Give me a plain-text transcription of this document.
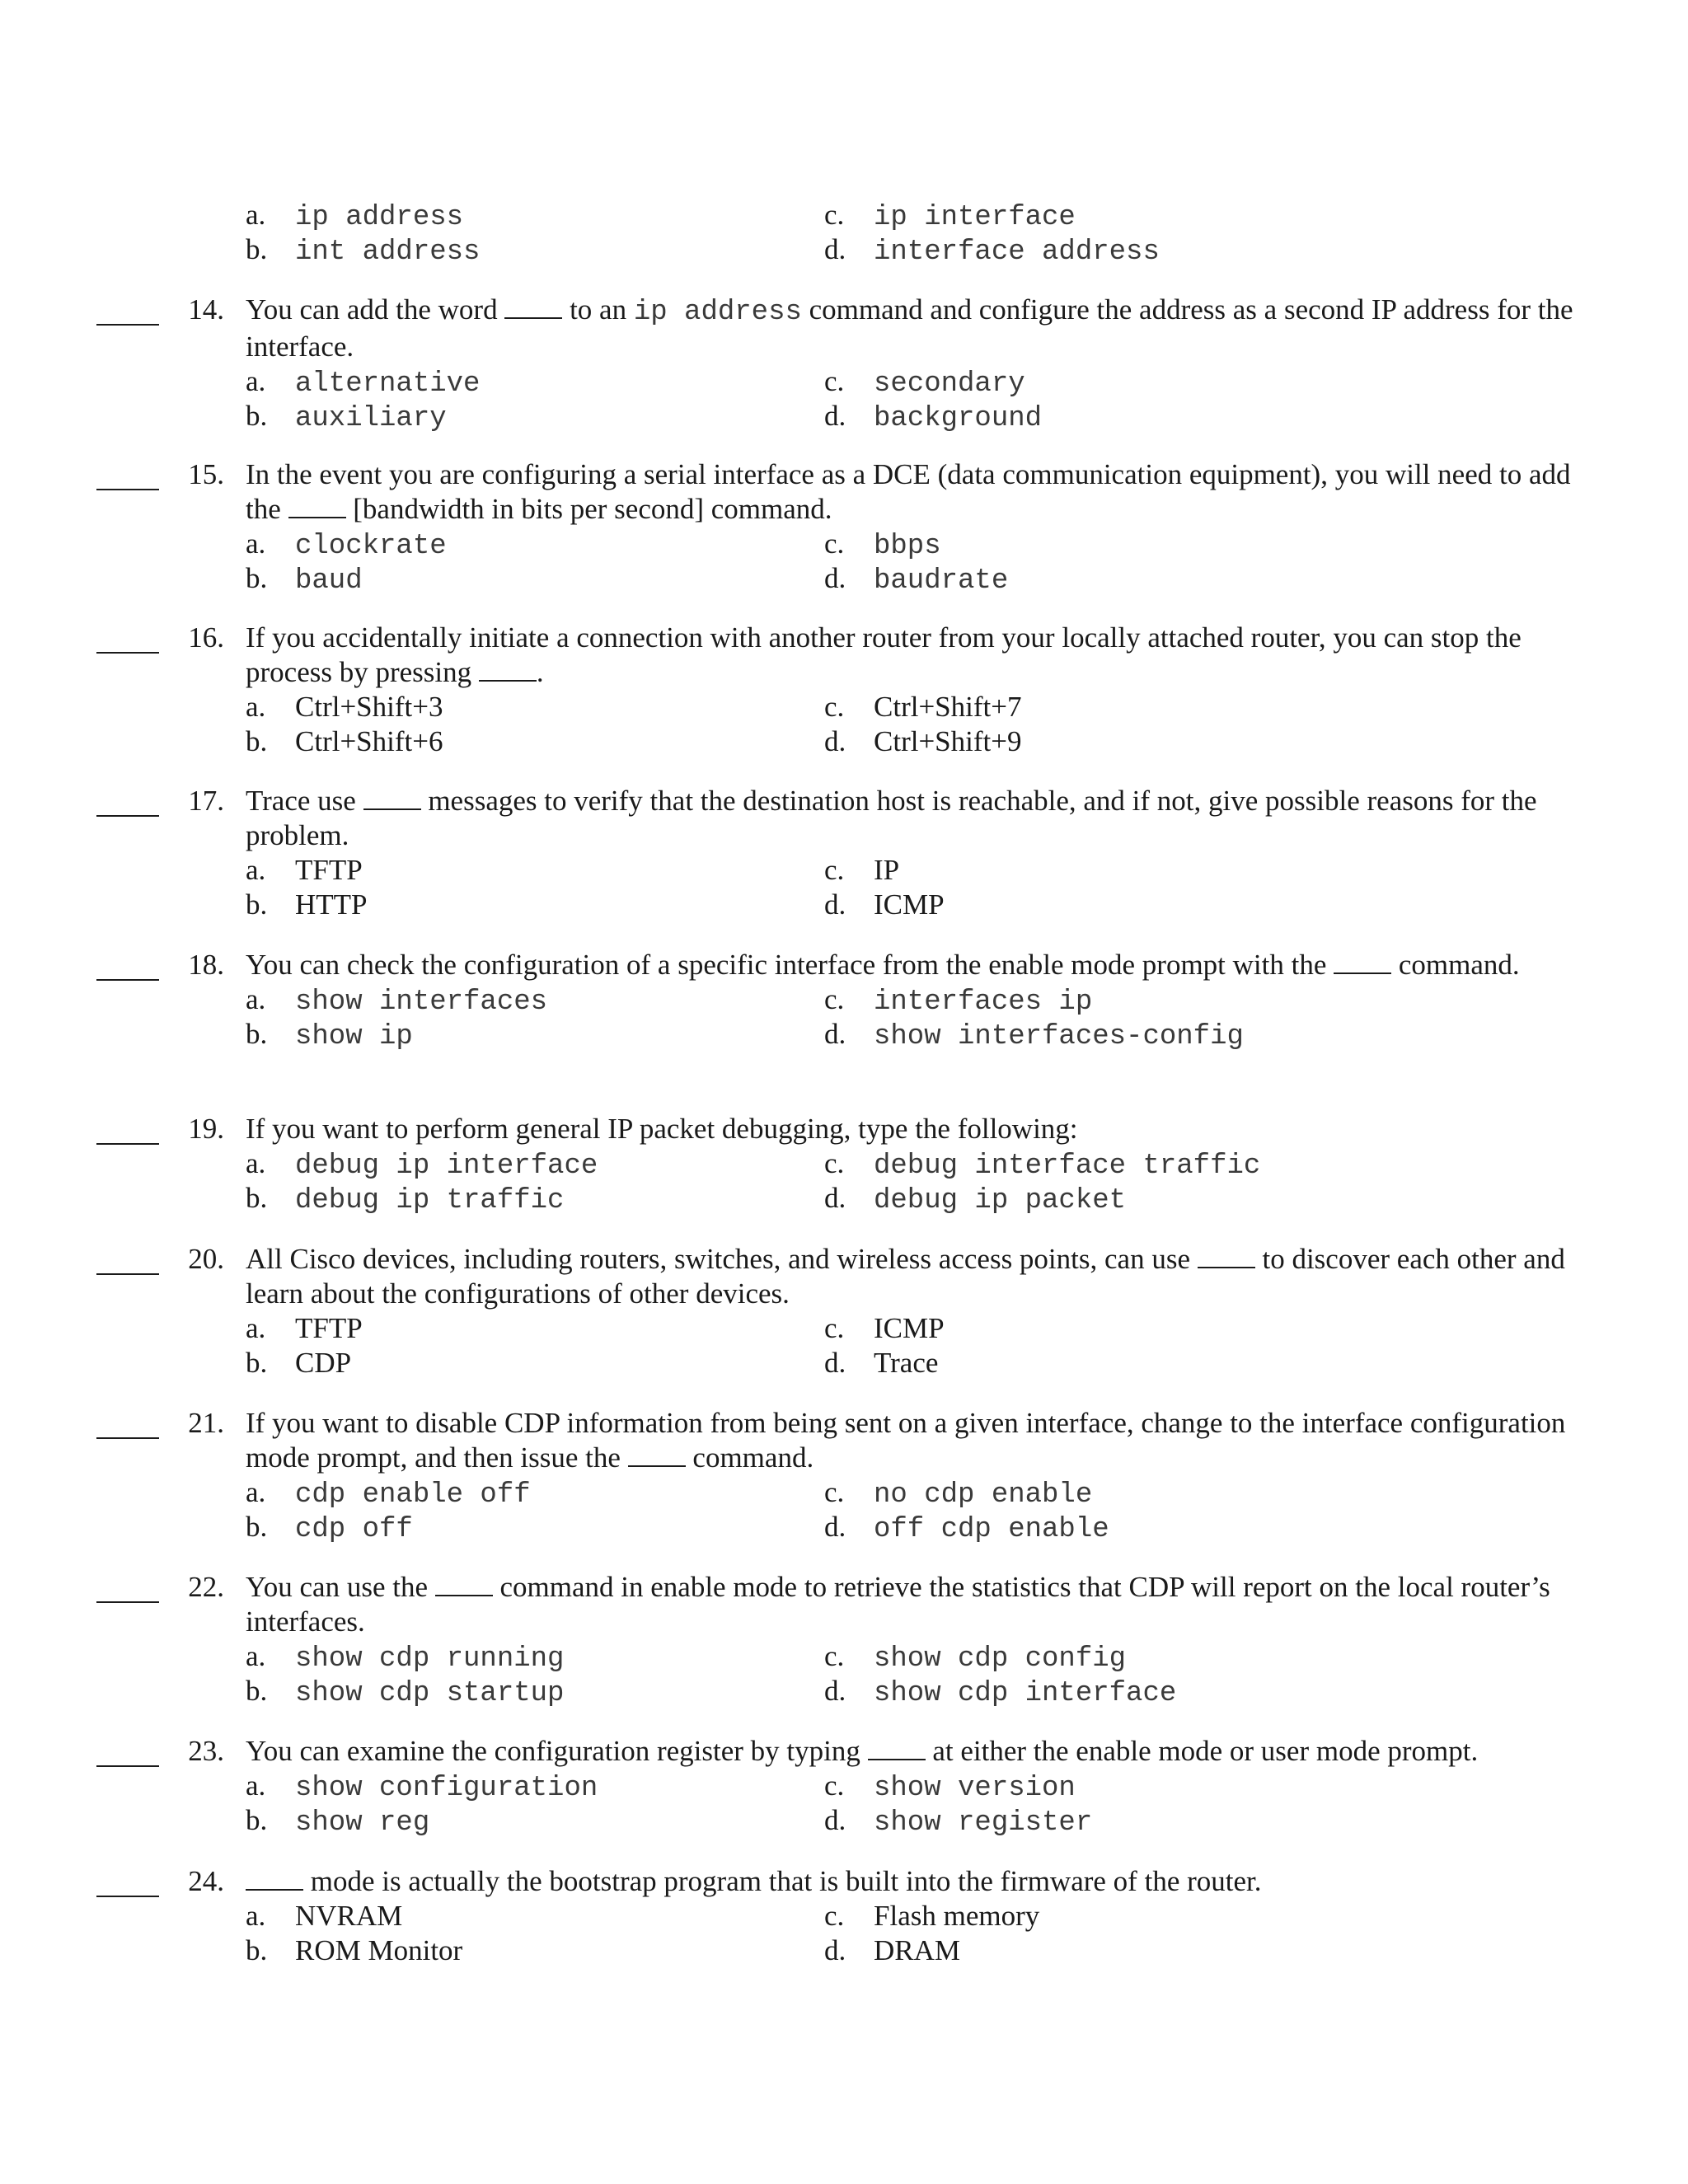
a.	ip address	c.	ip interface
b. int address	d. interface address
14. You can add the word  to an ip address command and configure the address as a second IP address for the interface.
a.	alternative	c.	secondary
b. auxiliary	d. background
15. In the event you are configuring a serial interface as a DCE (data communication equipment), you will need to add the  [bandwidth in bits per second] command.
a.	clockrate	c.	bbps
b. baud	d. baudrate
16. If you accidentally initiate a connection with another router from your locally attached router, you can stop the process by pressing .
a.	Ctrl+Shift+3	c.	Ctrl+Shift+7
b. Ctrl+Shift+6	d. Ctrl+Shift+9
17. Trace use  messages to verify that the destination host is reachable, and if not, give possible reasons for the problem.
a.	TFTP	c.	IP
b. HTTP	d. ICMP
18. You can check the configuration of a specific interface from the enable mode prompt with the  command.
a.	show interfaces	c.	interfaces ip
b. show ip	d. show interfaces-config
19. If you want to perform general IP packet debugging, type the following:
a.	debug ip interface	c.	debug interface traffic
b. debug ip traffic	d. debug ip packet
20. All Cisco devices, including routers, switches, and wireless access points, can use  to discover each other and learn about the configurations of other devices.
a.	TFTP	c.	ICMP
b. CDP	d. Trace
21. If you want to disable CDP information from being sent on a given interface, change to the interface configuration mode prompt, and then issue the  command.
a.	cdp enable off	c.	no cdp enable
b. cdp off	d. off cdp enable
22. You can use the  command in enable mode to retrieve the statistics that CDP will report on the local router’s interfaces.
a.	show cdp running	c.	show cdp config
b. show cdp startup	d. show cdp interface
23. You can examine the configuration register by typing  at either the enable mode or user mode prompt.
a.	show configuration	c.	show version
b. show reg	d. show register
24.	mode is actually the bootstrap program that is built into the firmware of the router.
a.	NVRAM	c.	Flash memory
b. ROM Monitor	d. DRAM
